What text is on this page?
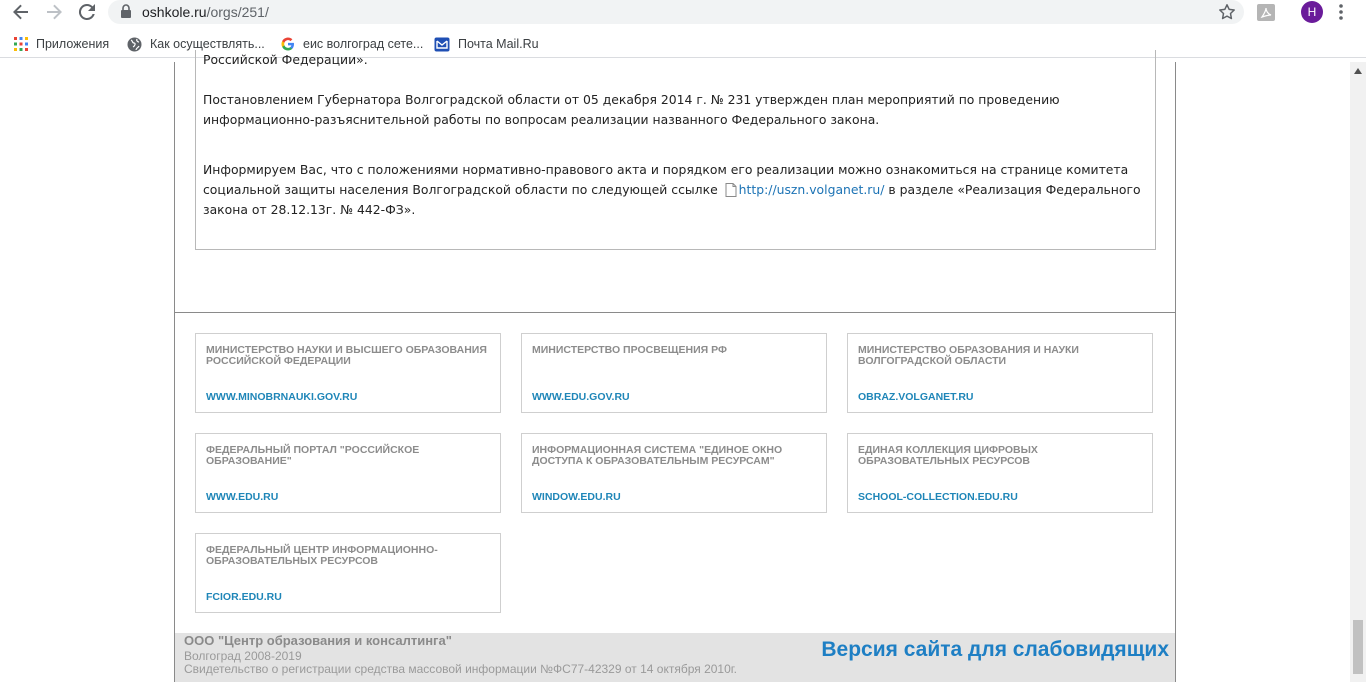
oshkole.ru/orgs/251/	Н
Приложения	Как осуществлять...	еис волгоград сете...	Почта Mail.Ru

Российской Федерации».

Постановлением Губернатора Волгоградской области от 05 декабря 2014 г. № 231 утвержден план мероприятий по проведению информационно-разъяснительной работы по вопросам реализации названного Федерального закона.

Информируем Вас, что с положениями нормативно-правового акта и порядком его реализации можно ознакомиться на странице комитета социальной защиты населения Волгоградской области по следующей ссылке http://uszn.volganet.ru/ в разделе «Реализация Федерального закона от 28.12.13г. № 442-ФЗ».

МИНИСТЕРСТВО НАУКИ И ВЫСШЕГО ОБРАЗОВАНИЯ РОССИЙСКОЙ ФЕДЕРАЦИИ
WWW.MINOBRNAUKI.GOV.RU
МИНИСТЕРСТВО ПРОСВЕЩЕНИЯ РФ
WWW.EDU.GOV.RU
МИНИСТЕРСТВО ОБРАЗОВАНИЯ И НАУКИ ВОЛГОГРАДСКОЙ ОБЛАСТИ
OBRAZ.VOLGANET.RU
ФЕДЕРАЛЬНЫЙ ПОРТАЛ "РОССИЙСКОЕ ОБРАЗОВАНИЕ"
WWW.EDU.RU
ИНФОРМАЦИОННАЯ СИСТЕМА "ЕДИНОЕ ОКНО ДОСТУПА К ОБРАЗОВАТЕЛЬНЫМ РЕСУРСАМ"
WINDOW.EDU.RU
ЕДИНАЯ КОЛЛЕКЦИЯ ЦИФРОВЫХ ОБРАЗОВАТЕЛЬНЫХ РЕСУРСОВ
SCHOOL-COLLECTION.EDU.RU
ФЕДЕРАЛЬНЫЙ ЦЕНТР ИНФОРМАЦИОННО-ОБРАЗОВАТЕЛЬНЫХ РЕСУРСОВ
FCIOR.EDU.RU
ООО "Центр образования и консалтинга"
Волгоград 2008-2019
Свидетельство о регистрации средства массовой информации №ФС77-42329 от 14 октября 2010г.
Версия сайта для слабовидящих
